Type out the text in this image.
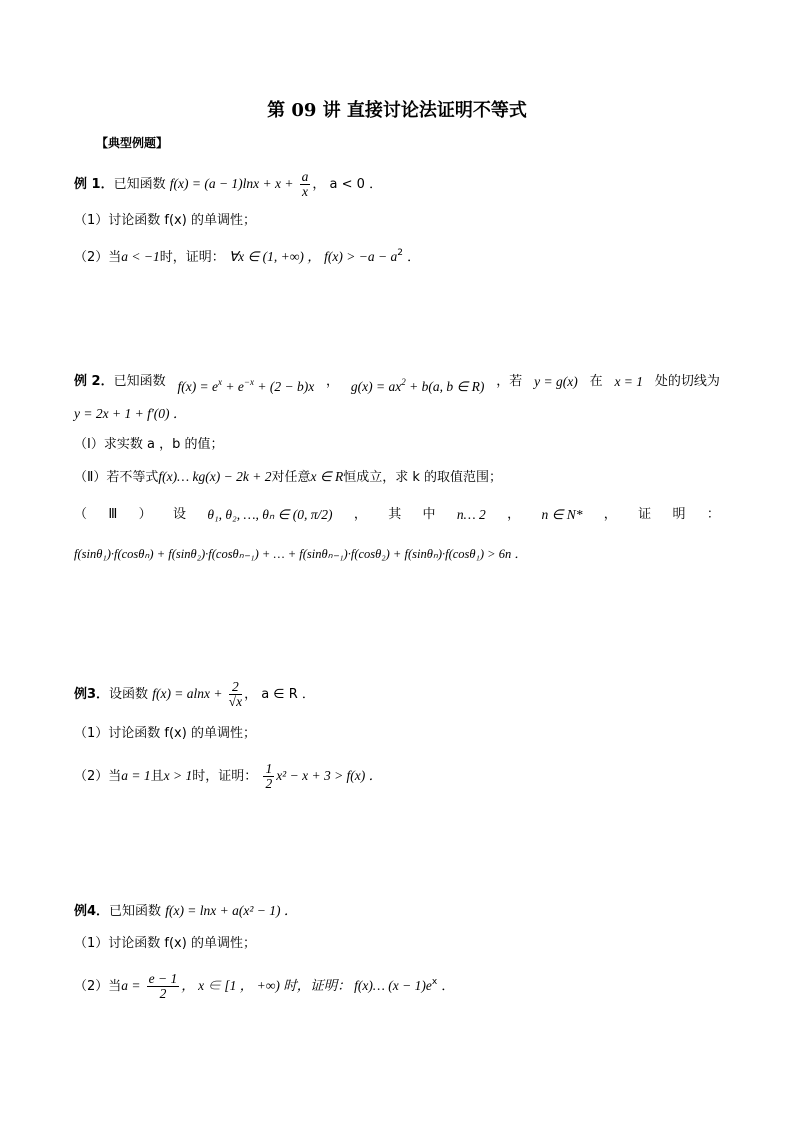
第 09 讲 直接讨论法证明不等式
【典型例题】
例 1．已知函数 $f(x) = (a - 1)\ln x + x + \frac{a}{x}$ ， a < 0 ．
（1）讨论函数 f(x) 的单调性；
（2）当a < −1时，证明： ∀x ∈ (1, +∞) ， $f(x) > -a - a^2$ ．
例 2．已知函数 $f(x) = e^x + e^{-x} + (2 - b)x$ ， $g(x) = ax^2 + b(a$, b ∈ R) ，若 y = g(x) 在 x = 1 处的切线为
y = 2x + 1 + f′(0) ．
（Ⅰ）求实数 a ，b 的值；
（Ⅱ）若不等式f(x)… kg(x) − 2k + 2对任意x ∈ R恒成立，求 k 的取值范围；
（ Ⅲ ） 设 θ₁, θ₂, …, θₙ ∈ (0, π/2) ， 其 中 n… 2 ， n ∈ N* ， 证 明 ：
f(sinθ₁)·f(cosθₙ) + f(sinθ₂)·f(cosθₙ₋₁) + … + f(sinθₙ₋₁)·f(cosθ₂) + f(sinθₙ)·f(cosθ₁) > 6n ．
例3．设函数 $f(x) = alnx + \frac{2}{√x}$ ， a ∈ R ．
（1）讨论函数 f(x) 的单调性；
（2）当a = 1且x > 1时，证明： $\frac{1}{2} x^2 - x + 3 > f(x)$ ．
例4．已知函数 f(x) = lnx + a(x² − 1) ．
（1）讨论函数 f(x) 的单调性；
（2）当$a = \frac{e - 1}{2}$ ， x ∈ [1 ， +∞) 时，证明： f(x)… $(x - 1)e^x$ ．
